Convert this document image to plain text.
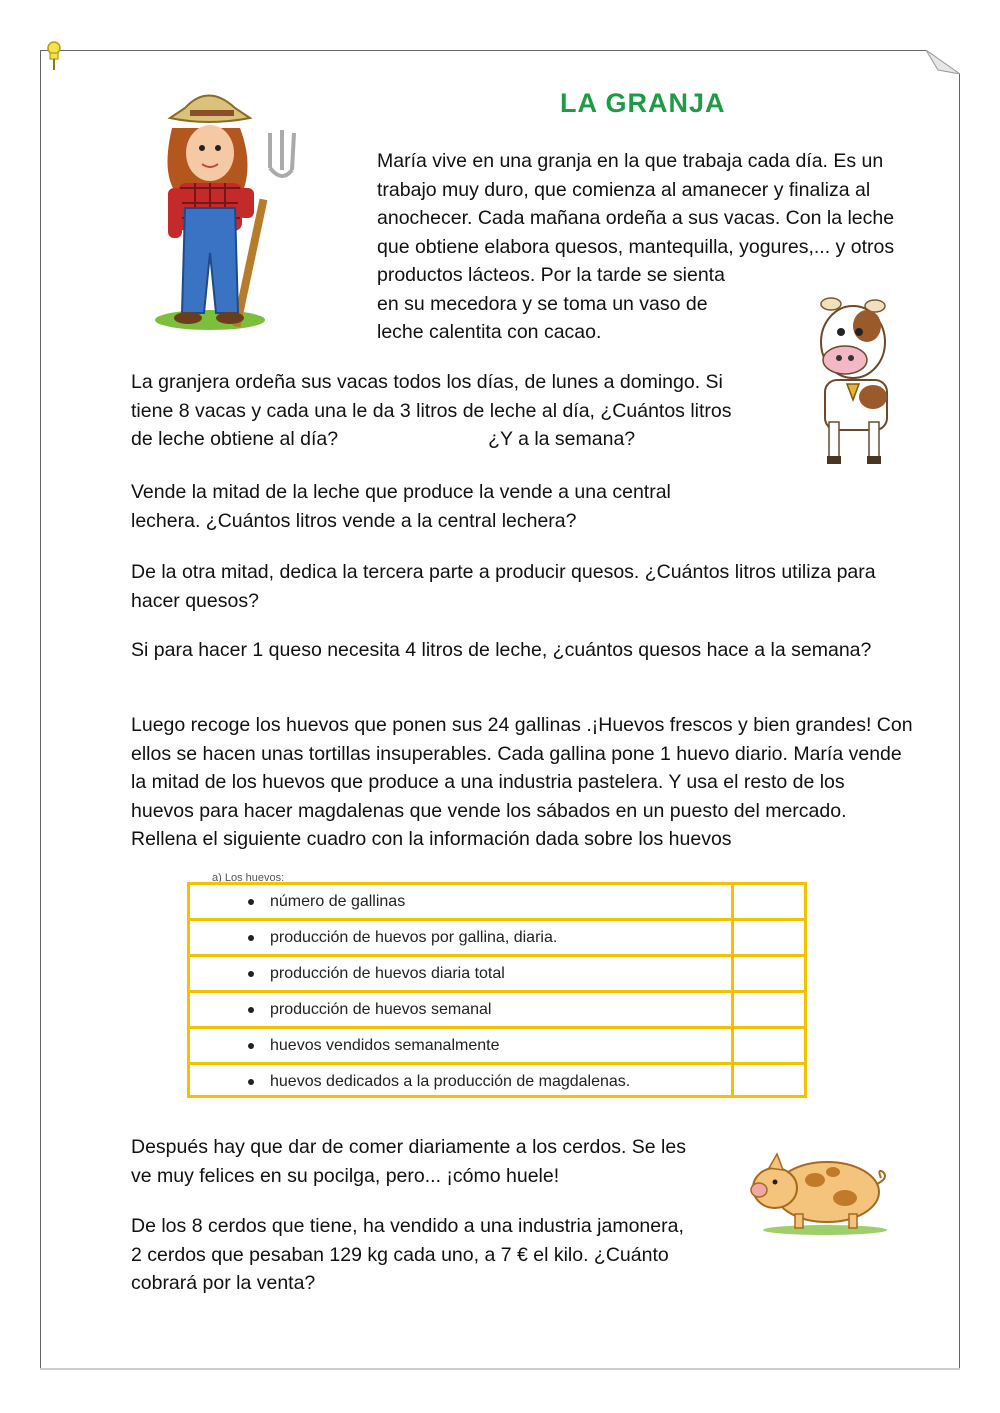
LA GRANJA

María vive en una granja en la que trabaja cada día. Es un
trabajo muy duro, que comienza al amanecer y finaliza al
anochecer. Cada mañana ordeña a sus vacas. Con la leche
que obtiene elabora quesos, mantequilla, yogures,... y otros
productos lácteos. Por la tarde se sienta
en su mecedora y se toma un vaso de
leche calentita con cacao.

La granjera ordeña sus vacas todos los días, de lunes a domingo. Si
tiene 8 vacas y cada una le da 3 litros de leche al día, ¿Cuántos litros
de leche obtiene al día?	¿Y a la semana?

Vende la mitad de la leche que produce la vende a una central
lechera. ¿Cuántos litros vende a la central lechera?

De la otra mitad, dedica la tercera parte a producir quesos. ¿Cuántos litros utiliza para
hacer quesos?

Si para hacer 1 queso necesita 4 litros de leche, ¿cuántos quesos hace a la semana?

Luego recoge los huevos que ponen sus 24 gallinas .¡Huevos frescos y bien grandes! Con
ellos se hacen unas tortillas insuperables. Cada gallina pone 1 huevo diario. María vende
la mitad de los huevos que produce a una industria pastelera. Y usa el resto de los
huevos para hacer magdalenas que vende los sábados en un puesto del mercado.
Rellena el siguiente cuadro con la información dada sobre los huevos

a) Los huevos:
número de gallinas	
producción de huevos por gallina, diaria.	
producción de huevos diaria total	
producción de huevos semanal	
huevos vendidos semanalmente	
huevos dedicados a la producción de magdalenas.	

Después hay que dar de comer diariamente a los cerdos. Se les
ve muy felices en su pocilga, pero... ¡cómo huele!

De los 8 cerdos que tiene, ha vendido a una industria jamonera,
2 cerdos que pesaban 129 kg cada uno, a 7 € el kilo. ¿Cuánto
cobrará por la venta?
